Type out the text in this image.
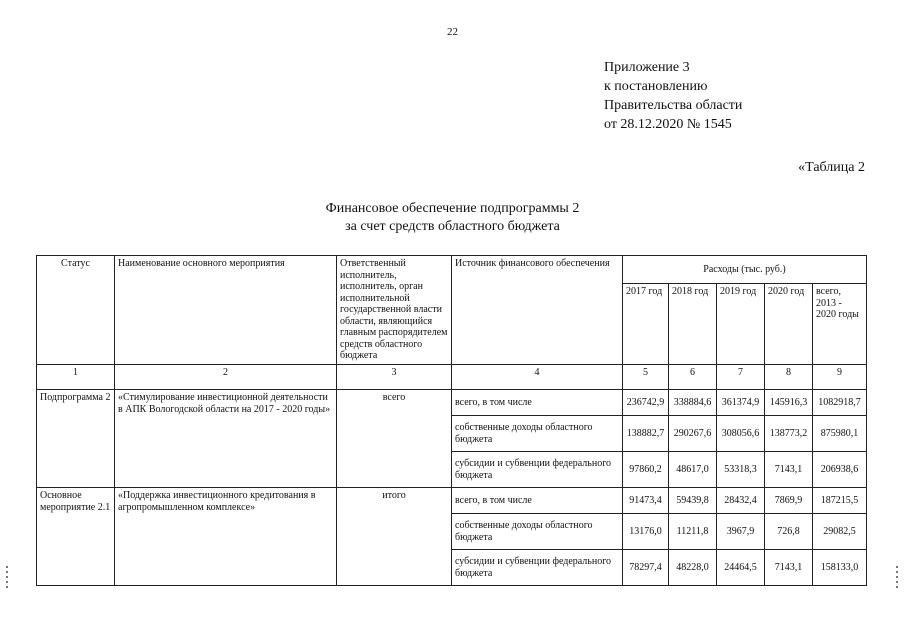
22
Приложение 3
к постановлению
Правительства области
от 28.12.2020 № 1545
«Таблица 2
Финансовое обеспечение подпрограммы 2
за счет средств областного бюджета
Статус	Наименование основного мероприятия	Ответственный исполнитель, исполнитель, орган исполнительной государственной власти области, являющийся главным распорядителем средств областного бюджета	Источник финансового обеспечения	Расходы (тыс. руб.)				
				2017 год	2018 год	2019 год	2020 год	всего, 2013 - 2020 годы
1	2	3	4	5	6	7	8	9
Подпрограмма 2	«Стимулирование инвестиционной деятельности в АПК Вологодской области на 2017 - 2020 годы»	всего	всего, в том числе	236742,9	338884,6	361374,9	145916,3	1082918,7
			собственные доходы областного бюджета	138882,7	290267,6	308056,6	138773,2	875980,1
			субсидии и субвенции федерального бюджета	97860,2	48617,0	53318,3	7143,1	206938,6
Основное мероприятие 2.1	«Поддержка инвестиционного кредитования в агропромышленном комплексе»	итого	всего, в том числе	91473,4	59439,8	28432,4	7869,9	187215,5
			собственные доходы областного бюджета	13176,0	11211,8	3967,9	726,8	29082,5
			субсидии и субвенции федерального бюджета	78297,4	48228,0	24464,5	7143,1	158133,0
